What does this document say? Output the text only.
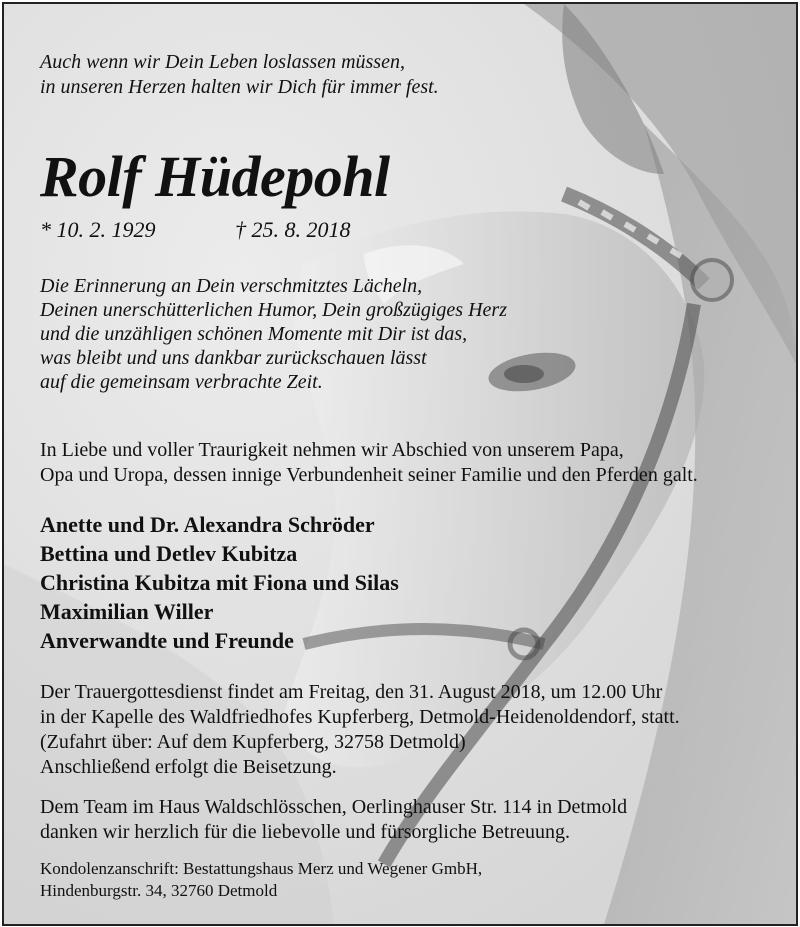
Auch wenn wir Dein Leben loslassen müssen,
in unseren Herzen halten wir Dich für immer fest.
Rolf Hüdepohl
* 10. 2. 1929	† 25. 8. 2018
Die Erinnerung an Dein verschmitztes Lächeln,
Deinen unerschütterlichen Humor, Dein großzügiges Herz
und die unzähligen schönen Momente mit Dir ist das,
was bleibt und uns dankbar zurückschauen lässt
auf die gemeinsam verbrachte Zeit.
In Liebe und voller Traurigkeit nehmen wir Abschied von unserem Papa,
Opa und Uropa, dessen innige Verbundenheit seiner Familie und den Pferden galt.
Anette und Dr. Alexandra Schröder
Bettina und Detlev Kubitza
Christina Kubitza mit Fiona und Silas
Maximilian Willer
Anverwandte und Freunde
Der Trauergottesdienst findet am Freitag, den 31. August 2018, um 12.00 Uhr
in der Kapelle des Waldfriedhofes Kupferberg, Detmold-Heidenoldendorf, statt.
(Zufahrt über: Auf dem Kupferberg, 32758 Detmold)
Anschließend erfolgt die Beisetzung.
Dem Team im Haus Waldschlösschen, Oerlinghauser Str. 114 in Detmold
danken wir herzlich für die liebevolle und fürsorgliche Betreuung.
Kondolenzanschrift: Bestattungshaus Merz und Wegener GmbH,
Hindenburgstr. 34, 32760 Detmold
